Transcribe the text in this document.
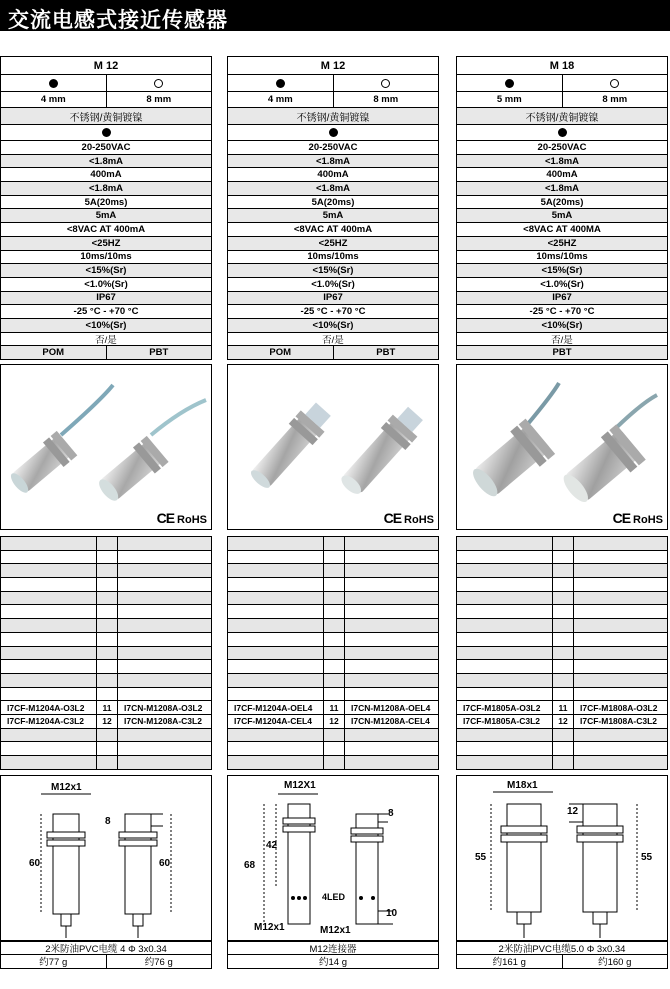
交流电感式接近传感器
M 12
4 mm	8 mm
不锈钢/黄铜镀镍
20-250VAC
<1.8mA
400mA
<1.8mA
5A(20ms)
5mA
<8VAC AT 400mA
<25HZ
10ms/10ms
<15%(Sr)
<1.0%(Sr)
IP67
-25 °C - +70 °C
<10%(Sr)
否/是
POM	PBT
CE RoHS
I7CF-M1204A-O3L2	11	I7CN-M1208A-O3L2
I7CF-M1204A-C3L2	12	I7CN-M1208A-C3L2
M12x1
8
60	60
2米防油PVC电缆 4 Φ 3x0.34
约77 g	约76 g
M 12
4 mm	8 mm
不锈钢/黄铜镀镍
20-250VAC
<1.8mA
400mA
<1.8mA
5A(20ms)
5mA
<8VAC AT 400mA
<25HZ
10ms/10ms
<15%(Sr)
<1.0%(Sr)
IP67
-25 °C - +70 °C
<10%(Sr)
否/是
POM	PBT
CE RoHS
I7CF-M1204A-OEL4	11	I7CN-M1208A-OEL4
I7CF-M1204A-CEL4	12	I7CN-M1208A-CEL4
M12X1
8
42
68
4LED
10
M12x1	M12x1
M12连接器
约14 g
M 18
5 mm	8 mm
不锈钢/黄铜镀镍
20-250VAC
<1.8mA
400mA
<1.8mA
5A(20ms)
5mA
<8VAC AT 400MA
<25HZ
10ms/10ms
<15%(Sr)
<1.0%(Sr)
IP67
-25 °C - +70 °C
<10%(Sr)
否/是
PBT
CE RoHS
I7CF-M1805A-O3L2	11	I7CF-M1808A-O3L2
I7CF-M1805A-C3L2	12	I7CF-M1808A-C3L2
M18x1
12
55	55
2米防油PVC电缆5.0 Φ 3x0.34
约161 g	约160 g
